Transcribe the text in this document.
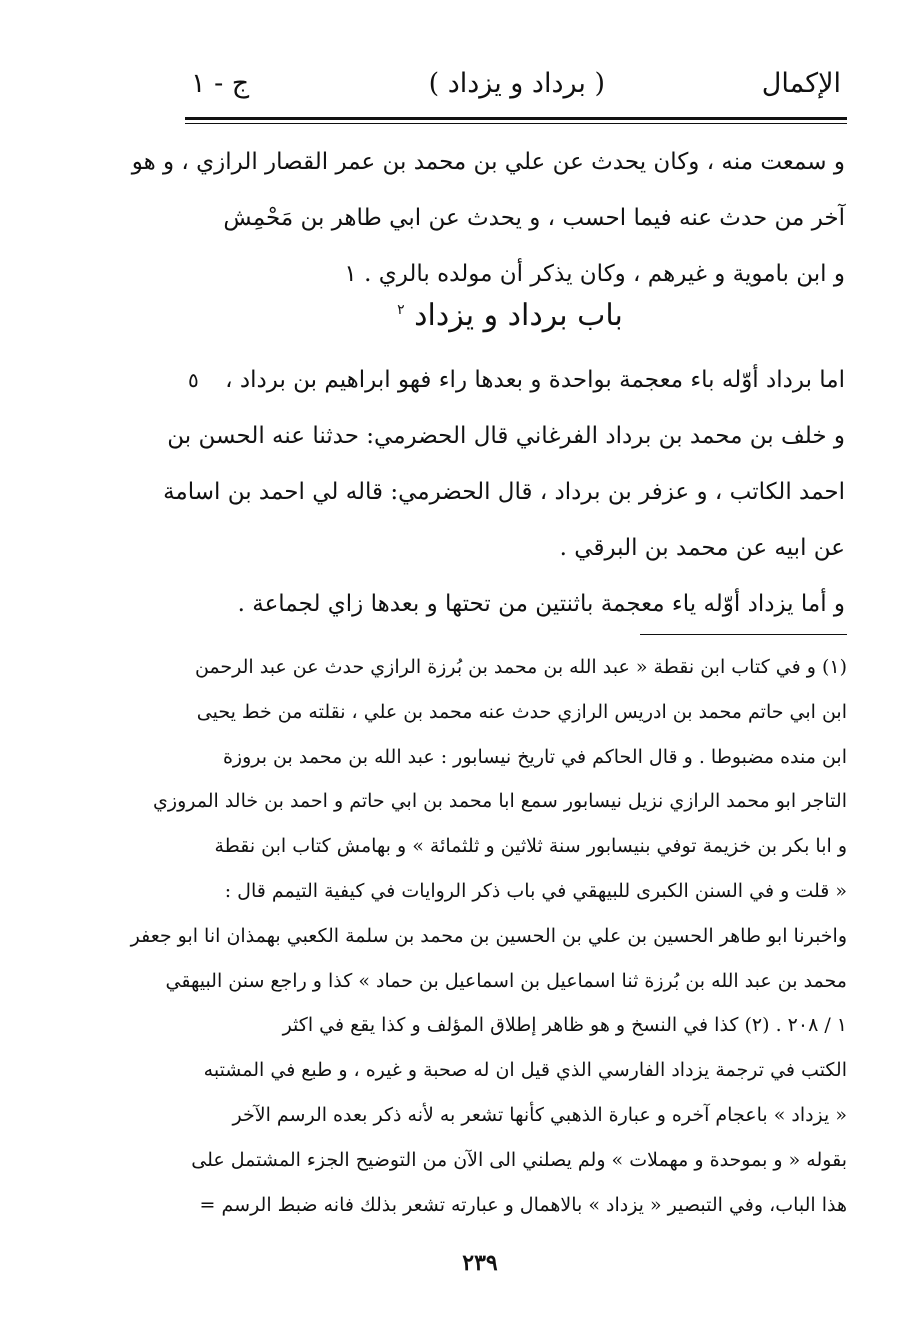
الإكمال
( برداد و يزداد )
ج - ١
و سمعت منه ، وكان يحدث عن علي بن محمد بن عمر القصار الرازي ، و هو
آخر من حدث عنه فيما احسب ، و يحدث عن ابي طاهر بن مَحْمِش
و ابن باموية و غيرهم ، وكان يذكر أن مولده بالري . ١
باب برداد و يزداد $^٢$
٥	اما برداد أوّله باء معجمة بواحدة و بعدها راء فهو ابراهيم بن برداد ،
و خلف بن محمد بن برداد الفرغاني قال الحضرمي: حدثنا عنه الحسن بن
احمد الكاتب ، و عزفر بن برداد ، قال الحضرمي: قاله لي احمد بن اسامة
عن ابيه عن محمد بن البرقي .
و أما يزداد أوّله ياء معجمة باثنتين من تحتها و بعدها زاي لجماعة .
(١) و في كتاب ابن نقطة « عبد الله بن محمد بن بُرزة الرازي حدث عن عبد الرحمن
ابن ابي حاتم محمد بن ادريس الرازي حدث عنه محمد بن علي ، نقلته من خط يحيى
ابن منده مضبوطا . و قال الحاكم في تاريخ نيسابور : عبد الله بن محمد بن بروزة
التاجر ابو محمد الرازي نزيل نيسابور سمع ابا محمد بن ابي حاتم و احمد بن خالد المروزي
و ابا بكر بن خزيمة توفي بنيسابور سنة ثلاثين و ثلثمائة » و بهامش كتاب ابن نقطة
« قلت و في السنن الكبرى للبيهقي في باب ذكر الروايات في كيفية التيمم قال :
واخبرنا ابو طاهر الحسين بن علي بن الحسين بن محمد بن سلمة الكعبي بهمذان انا ابو جعفر
محمد بن عبد الله بن بُرزة ثنا اسماعيل بن اسماعيل بن حماد » كذا و راجع سنن البيهقي
١ / ٢٠٨ . (٢) كذا في النسخ و هو ظاهر إطلاق المؤلف و كذا يقع في اكثر
الكتب في ترجمة يزداد الفارسي الذي قيل ان له صحبة و غيره ، و طبع في المشتبه
« يزداد » باعجام آخره و عبارة الذهبي كأنها تشعر به لأنه ذكر بعده الرسم الآخر
بقوله « و بموحدة و مهملات » ولم يصلني الى الآن من التوضيح الجزء المشتمل على
هذا الباب، وفي التبصير « يزداد » بالاهمال و عبارته تشعر بذلك فانه ضبط الرسم =
٢٣٩
